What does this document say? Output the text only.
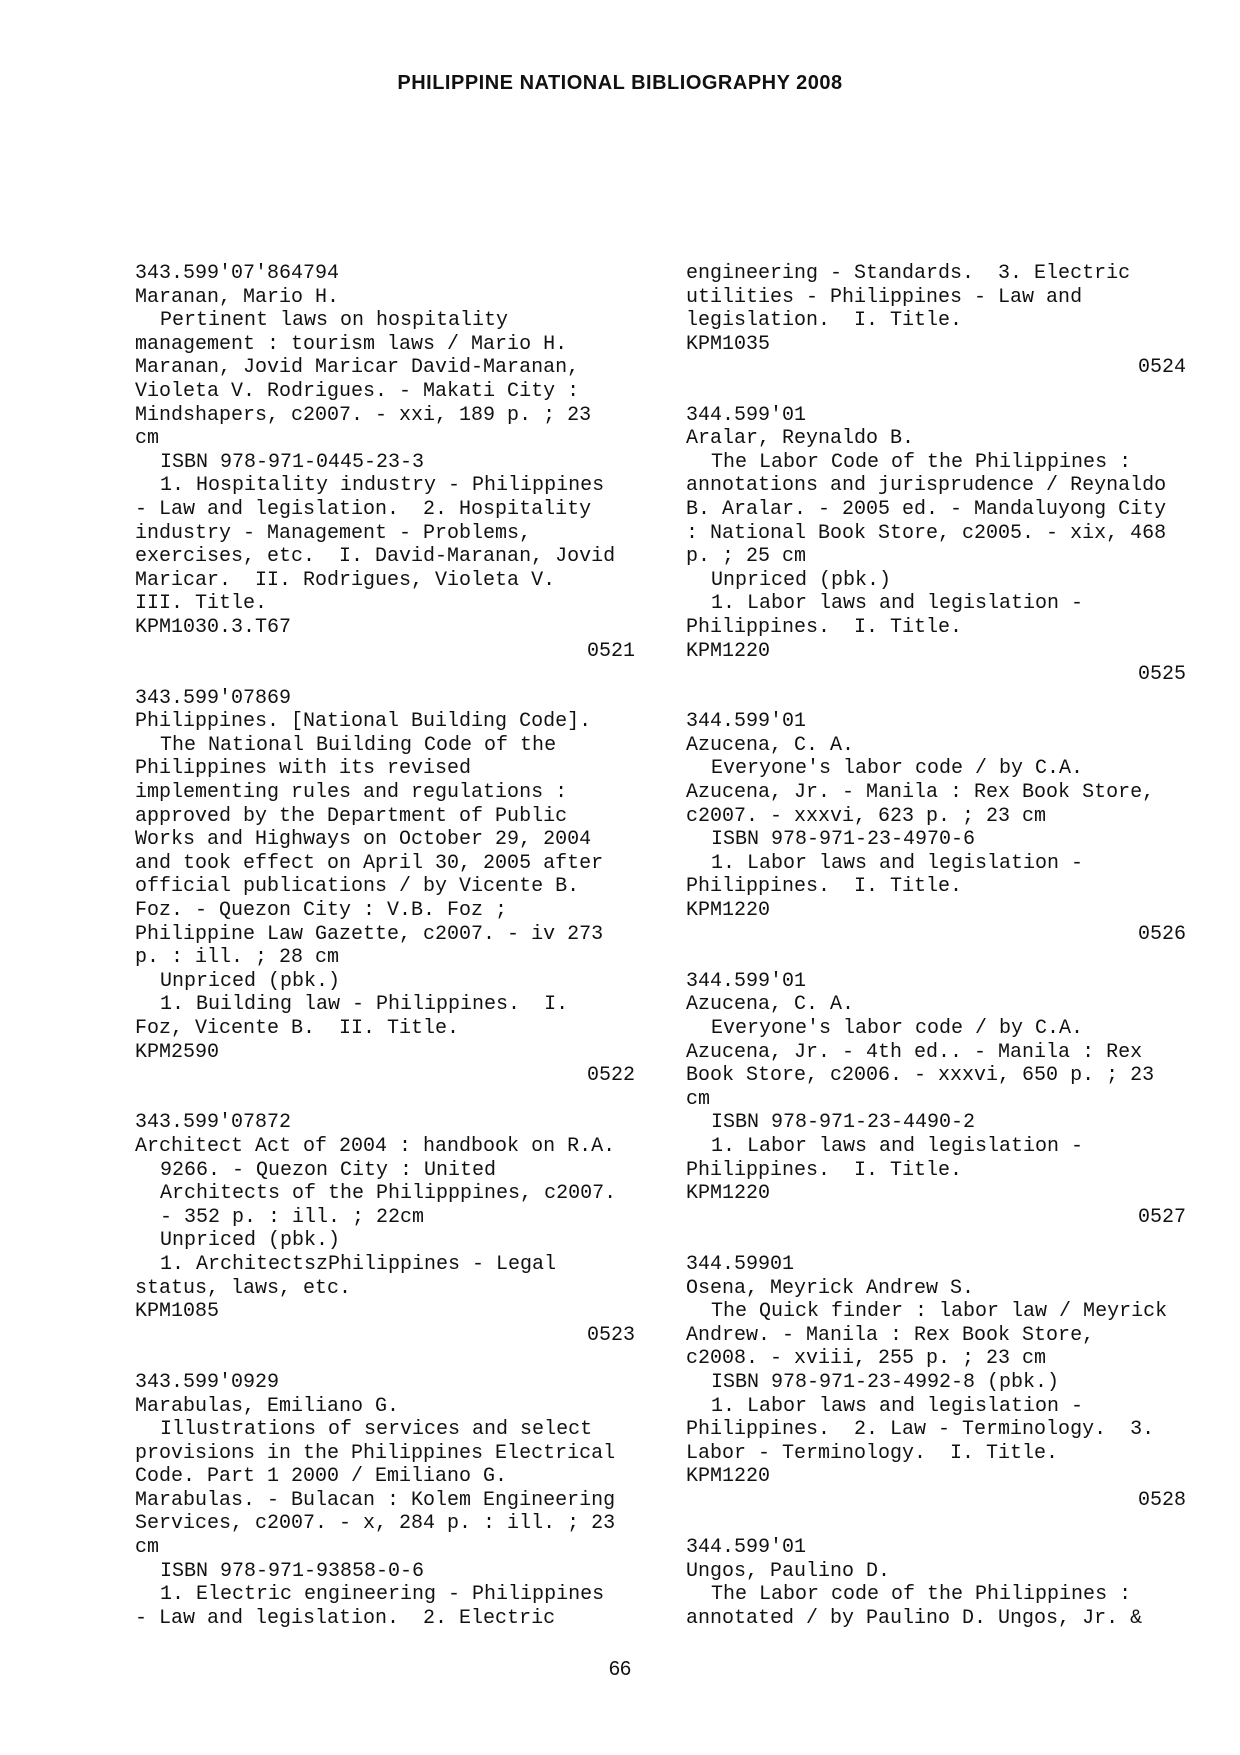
PHILIPPINE NATIONAL BIBLIOGRAPHY 2008
343.599'07'864794
Maranan, Mario H.
Pertinent laws on hospitality
management : tourism laws / Mario H.
Maranan, Jovid Maricar David-Maranan,
Violeta V. Rodrigues. - Makati City :
Mindshapers, c2007. - xxi, 189 p. ; 23
cm
ISBN 978-971-0445-23-3
1. Hospitality industry - Philippines
- Law and legislation.  2. Hospitality
industry - Management - Problems,
exercises, etc.  I. David-Maranan, Jovid
Maricar.  II. Rodrigues, Violeta V.
III. Title.
KPM1030.3.T67
0521
343.599'07869
Philippines. [National Building Code].
The National Building Code of the
Philippines with its revised
implementing rules and regulations :
approved by the Department of Public
Works and Highways on October 29, 2004
and took effect on April 30, 2005 after
official publications / by Vicente B.
Foz. - Quezon City : V.B. Foz ;
Philippine Law Gazette, c2007. - iv 273
p. : ill. ; 28 cm
Unpriced (pbk.)
1. Building law - Philippines.  I.
Foz, Vicente B.  II. Title.
KPM2590
0522
343.599'07872
Architect Act of 2004 : handbook on R.A.
9266. - Quezon City : United
Architects of the Philipppines, c2007.
- 352 p. : ill. ; 22cm
Unpriced (pbk.)
1. ArchitectszPhilippines - Legal
status, laws, etc.
KPM1085
0523
343.599'0929
Marabulas, Emiliano G.
Illustrations of services and select
provisions in the Philippines Electrical
Code. Part 1 2000 / Emiliano G.
Marabulas. - Bulacan : Kolem Engineering
Services, c2007. - x, 284 p. : ill. ; 23
cm
ISBN 978-971-93858-0-6
1. Electric engineering - Philippines
- Law and legislation.  2. Electric
engineering - Standards.  3. Electric
utilities - Philippines - Law and
legislation.  I. Title.
KPM1035
0524
344.599'01
Aralar, Reynaldo B.
The Labor Code of the Philippines :
annotations and jurisprudence / Reynaldo
B. Aralar. - 2005 ed. - Mandaluyong City
: National Book Store, c2005. - xix, 468
p. ; 25 cm
Unpriced (pbk.)
1. Labor laws and legislation -
Philippines.  I. Title.
KPM1220
0525
344.599'01
Azucena, C. A.
Everyone's labor code / by C.A.
Azucena, Jr. - Manila : Rex Book Store,
c2007. - xxxvi, 623 p. ; 23 cm
ISBN 978-971-23-4970-6
1. Labor laws and legislation -
Philippines.  I. Title.
KPM1220
0526
344.599'01
Azucena, C. A.
Everyone's labor code / by C.A.
Azucena, Jr. - 4th ed.. - Manila : Rex
Book Store, c2006. - xxxvi, 650 p. ; 23
cm
ISBN 978-971-23-4490-2
1. Labor laws and legislation -
Philippines.  I. Title.
KPM1220
0527
344.59901
Osena, Meyrick Andrew S.
The Quick finder : labor law / Meyrick
Andrew. - Manila : Rex Book Store,
c2008. - xviii, 255 p. ; 23 cm
ISBN 978-971-23-4992-8 (pbk.)
1. Labor laws and legislation -
Philippines.  2. Law - Terminology.  3.
Labor - Terminology.  I. Title.
KPM1220
0528
344.599'01
Ungos, Paulino D.
The Labor code of the Philippines :
annotated / by Paulino D. Ungos, Jr. &
66
